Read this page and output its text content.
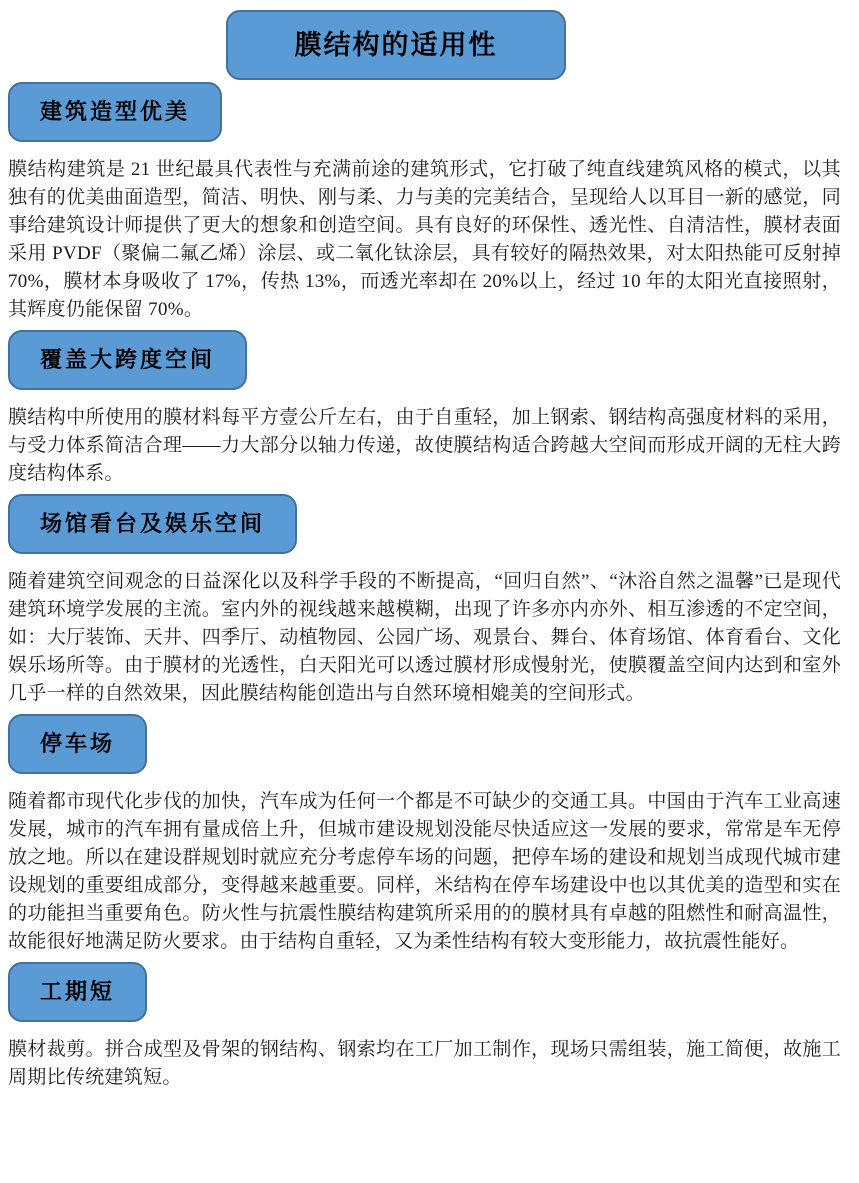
膜结构的适用性
建筑造型优美
膜结构建筑是 21 世纪最具代表性与充满前途的建筑形式，它打破了纯直线建筑风格的模式，以其独有的优美曲面造型，简洁、明快、刚与柔、力与美的完美结合，呈现给人以耳目一新的感觉，同事给建筑设计师提供了更大的想象和创造空间。具有良好的环保性、透光性、自清洁性，膜材表面采用 PVDF（聚偏二氟乙烯）涂层、或二氧化钛涂层，具有较好的隔热效果，对太阳热能可反射掉 70%，膜材本身吸收了 17%，传热 13%，而透光率却在 20%以上，经过 10 年的太阳光直接照射，其辉度仍能保留 70%。
覆盖大跨度空间
膜结构中所使用的膜材料每平方壹公斤左右，由于自重轻，加上钢索、钢结构高强度材料的采用，与受力体系简洁合理——力大部分以轴力传递，故使膜结构适合跨越大空间而形成开阔的无柱大跨度结构体系。
场馆看台及娱乐空间
随着建筑空间观念的日益深化以及科学手段的不断提高，“回归自然”、“沐浴自然之温馨”已是现代建筑环境学发展的主流。室内外的视线越来越模糊，出现了许多亦内亦外、相互渗透的不定空间，如：大厅装饰、天井、四季厅、动植物园、公园广场、观景台、舞台、体育场馆、体育看台、文化娱乐场所等。由于膜材的光透性，白天阳光可以透过膜材形成慢射光，使膜覆盖空间内达到和室外几乎一样的自然效果，因此膜结构能创造出与自然环境相媲美的空间形式。
停车场
随着都市现代化步伐的加快，汽车成为任何一个都是不可缺少的交通工具。中国由于汽车工业高速发展，城市的汽车拥有量成倍上升，但城市建设规划没能尽快适应这一发展的要求，常常是车无停放之地。所以在建设群规划时就应充分考虑停车场的问题，把停车场的建设和规划当成现代城市建设规划的重要组成部分，变得越来越重要。同样，米结构在停车场建设中也以其优美的造型和实在的功能担当重要角色。防火性与抗震性膜结构建筑所采用的的膜材具有卓越的阻燃性和耐高温性，故能很好地满足防火要求。由于结构自重轻，又为柔性结构有较大变形能力，故抗震性能好。
工期短
膜材裁剪。拼合成型及骨架的钢结构、钢索均在工厂加工制作，现场只需组装，施工简便，故施工周期比传统建筑短。
